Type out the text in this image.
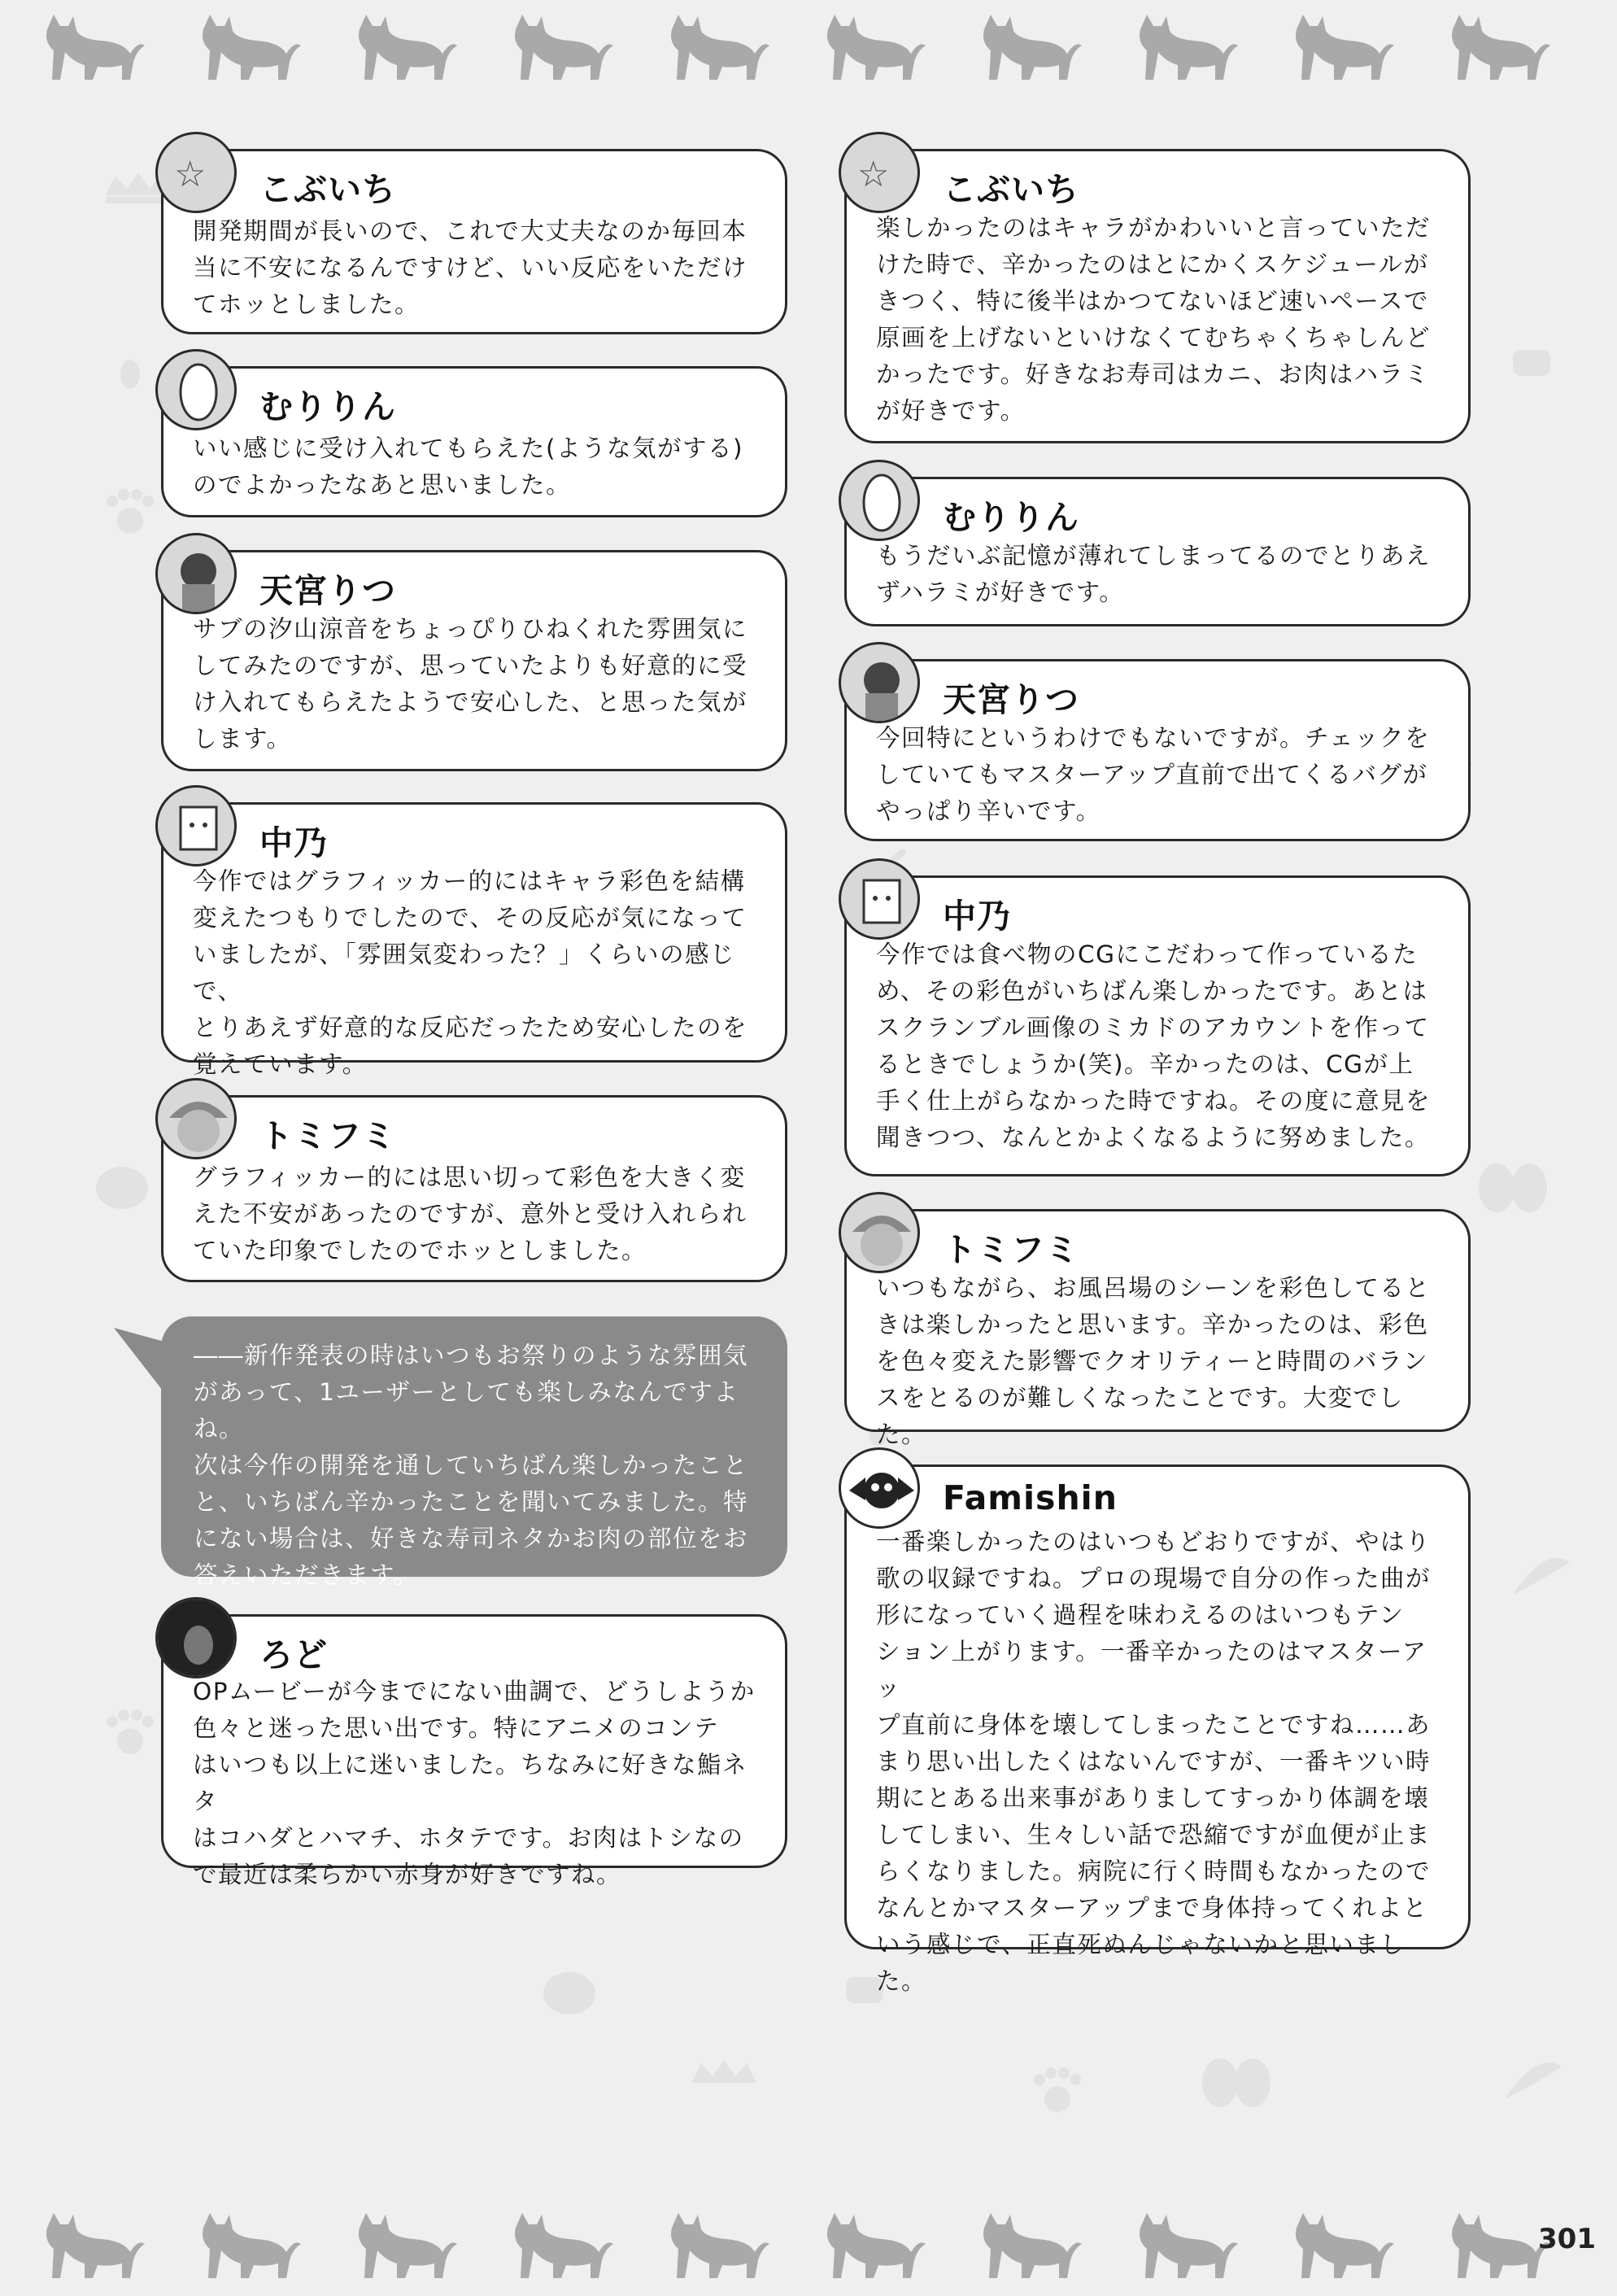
☆ こぶいち
開発期間が長いので、これで大丈夫なのか毎回本
当に不安になるんですけど、いい反応をいただけ
てホッとしました。
むりりん
いい感じに受け入れてもらえた(ような気がする)
のでよかったなあと思いました。
天宮りつ
サブの汐山涼音をちょっぴりひねくれた雰囲気に
してみたのですが、思っていたよりも好意的に受
け入れてもらえたようで安心した、と思った気が
します。
中乃
今作ではグラフィッカー的にはキャラ彩色を結構
変えたつもりでしたので、その反応が気になって
いましたが、「雰囲気変わった？」くらいの感じで、
とりあえず好意的な反応だったため安心したのを
覚えています。
トミフミ
グラフィッカー的には思い切って彩色を大きく変
えた不安があったのですが、意外と受け入れられ
ていた印象でしたのでホッとしました。
――新作発表の時はいつもお祭りのような雰囲気
があって、1ユーザーとしても楽しみなんですよね。
次は今作の開発を通していちばん楽しかったこと
と、いちばん辛かったことを聞いてみました。特
にない場合は、好きな寿司ネタかお肉の部位をお
答えいただきます。
ろど
OPムービーが今までにない曲調で、どうしようか
色々と迷った思い出です。特にアニメのコンテ
はいつも以上に迷いました。ちなみに好きな鮨ネタ
はコハダとハマチ、ホタテです。お肉はトシなの
で最近は柔らかい赤身が好きですね。
☆ こぶいち
楽しかったのはキャラがかわいいと言っていただ
けた時で、辛かったのはとにかくスケジュールが
きつく、特に後半はかつてないほど速いペースで
原画を上げないといけなくてむちゃくちゃしんど
かったです。好きなお寿司はカニ、お肉はハラミ
が好きです。
むりりん
もうだいぶ記憶が薄れてしまってるのでとりあえ
ずハラミが好きです。
天宮りつ
今回特にというわけでもないですが。チェックを
していてもマスターアップ直前で出てくるバグが
やっぱり辛いです。
中乃
今作では食べ物のCGにこだわって作っているた
め、その彩色がいちばん楽しかったです。あとは
スクランブル画像のミカドのアカウントを作って
るときでしょうか(笑)。辛かったのは、CGが上
手く仕上がらなかった時ですね。その度に意見を
聞きつつ、なんとかよくなるように努めました。
トミフミ
いつもながら、お風呂場のシーンを彩色してると
きは楽しかったと思います。辛かったのは、彩色
を色々変えた影響でクオリティーと時間のバラン
スをとるのが難しくなったことです。大変でした。
Famishin
一番楽しかったのはいつもどおりですが、やはり
歌の収録ですね。プロの現場で自分の作った曲が
形になっていく過程を味わえるのはいつもテン
ション上がります。一番辛かったのはマスターアッ
プ直前に身体を壊してしまったことですね……あ
まり思い出したくはないんですが、一番キツい時
期にとある出来事がありましてすっかり体調を壊
してしまい、生々しい話で恐縮ですが血便が止ま
らくなりました。病院に行く時間もなかったので
なんとかマスターアップまで身体持ってくれよと
いう感じで、正直死ぬんじゃないかと思いました。
301
